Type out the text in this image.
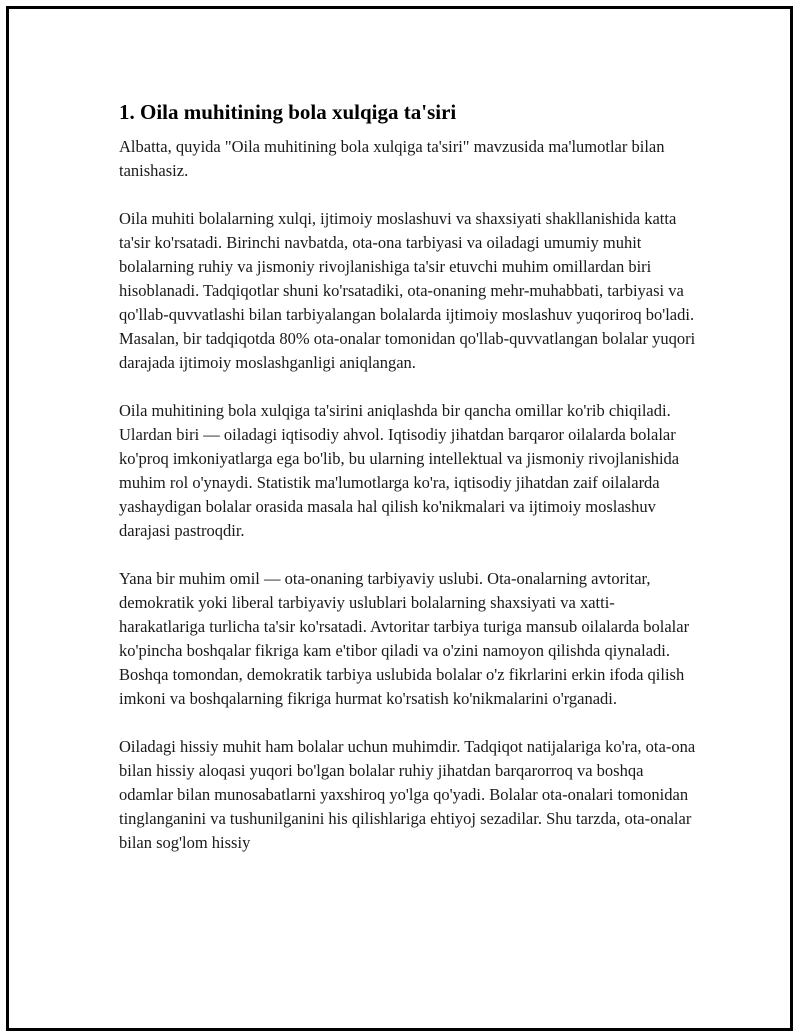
1. Oila muhitining bola xulqiga ta'siri

Albatta, quyida "Oila muhitining bola xulqiga ta'siri" mavzusida ma'lumotlar bilan tanishasiz.

Oila muhiti bolalarning xulqi, ijtimoiy moslashuvi va shaxsiyati shakllanishida katta ta'sir ko'rsatadi. Birinchi navbatda, ota-ona tarbiyasi va oiladagi umumiy muhit bolalarning ruhiy va jismoniy rivojlanishiga ta'sir etuvchi muhim omillardan biri hisoblanadi. Tadqiqotlar shuni ko'rsatadiki, ota-onaning mehr-muhabbati, tarbiyasi va qo'llab-quvvatlashi bilan tarbiyalangan bolalarda ijtimoiy moslashuv yuqoriroq bo'ladi. Masalan, bir tadqiqotda 80% ota-onalar tomonidan qo'llab-quvvatlangan bolalar yuqori darajada ijtimoiy moslashganligi aniqlangan.

Oila muhitining bola xulqiga ta'sirini aniqlashda bir qancha omillar ko'rib chiqiladi. Ulardan biri — oiladagi iqtisodiy ahvol. Iqtisodiy jihatdan barqaror oilalarda bolalar ko'proq imkoniyatlarga ega bo'lib, bu ularning intellektual va jismoniy rivojlanishida muhim rol o'ynaydi. Statistik ma'lumotlarga ko'ra, iqtisodiy jihatdan zaif oilalarda yashaydigan bolalar orasida masala hal qilish ko'nikmalari va ijtimoiy moslashuv darajasi pastroqdir.

Yana bir muhim omil — ota-onaning tarbiyaviy uslubi. Ota-onalarning avtoritar, demokratik yoki liberal tarbiyaviy uslublari bolalarning shaxsiyati va xatti-harakatlariga turlicha ta'sir ko'rsatadi. Avtoritar tarbiya turiga mansub oilalarda bolalar ko'pincha boshqalar fikriga kam e'tibor qiladi va o'zini namoyon qilishda qiynaladi. Boshqa tomondan, demokratik tarbiya uslubida bolalar o'z fikrlarini erkin ifoda qilish imkoni va boshqalarning fikriga hurmat ko'rsatish ko'nikmalarini o'rganadi.

Oiladagi hissiy muhit ham bolalar uchun muhimdir. Tadqiqot natijalariga ko'ra, ota-ona bilan hissiy aloqasi yuqori bo'lgan bolalar ruhiy jihatdan barqarorroq va boshqa odamlar bilan munosabatlarni yaxshiroq yo'lga qo'yadi. Bolalar ota-onalari tomonidan tinglanganini va tushunilganini his qilishlariga ehtiyoj sezadilar. Shu tarzda, ota-onalar bilan sog'lom hissiy
